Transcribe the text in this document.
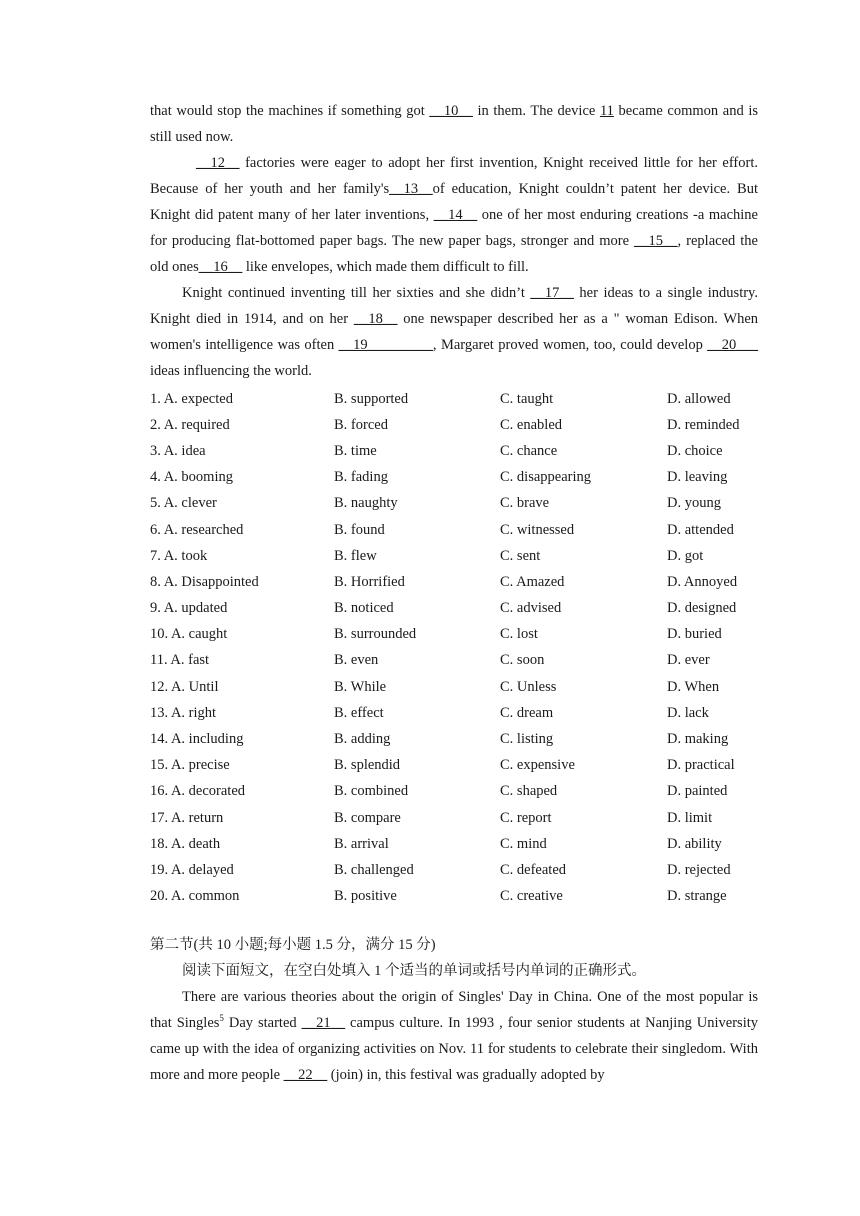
that would stop the machines if something got __10__ in them. The device 11 became common and is still used now.

__12__ factories were eager to adopt her first invention, Knight received little for her effort. Because of her youth and her family's__13__of education, Knight couldn’t patent her device. But Knight did patent many of her later inventions, __14__ one of her most enduring creations -a machine for producing flat-bottomed paper bags. The new paper bags, stronger and more __15__, replaced the old ones__16__ like envelopes, which made them difficult to fill.

Knight continued inventing till her sixties and she didn’t __17__ her ideas to a single industry. Knight died in 1914, and on her __18__ one newspaper described her as a " woman Edison. When women's intelligence was often __19_________, Margaret proved women, too, could develop __20___ ideas influencing the world.

1. A. expected	B. supported	C. taught	D. allowed
2. A. required	B. forced	C. enabled	D. reminded
3. A. idea	B. time	C. chance	D. choice
4. A. booming	B. fading	C. disappearing	D. leaving
5. A. clever	B. naughty	C. brave	D. young
6. A. researched	B. found	C. witnessed	D. attended
7. A. took	B. flew	C. sent	D. got
8. A. Disappointed	B. Horrified	C. Amazed	D. Annoyed
9. A. updated	B. noticed	C. advised	D. designed
10. A. caught	B. surrounded	C. lost	D. buried
11. A. fast	B. even	C. soon	D. ever
12. A. Until	B. While	C. Unless	D. When
13. A. right	B. effect	C. dream	D. lack
14. A. including	B. adding	C. listing	D. making
15. A. precise	B. splendid	C. expensive	D. practical
16. A. decorated	B. combined	C. shaped	D. painted
17. A. return	B. compare	C. report	D. limit
18. A. death	B. arrival	C. mind	D. ability
19. A. delayed	B. challenged	C. defeated	D. rejected
20. A. common	B. positive	C. creative	D. strange

第二节(共 10 小题;每小题 1.5 分，满分 15 分)

阅读下面短文，在空白处填入 1 个适当的单词或括号内单词的正确形式。

There are various theories about the origin of Singles' Day in China. One of the most popular is that Singles$^5$ Day started __21__ campus culture. In 1993 , four senior students at Nanjing University came up with the idea of organizing activities on Nov. 11 for students to celebrate their singledom. With more and more people __22__ (join) in, this festival was gradually adopted by
